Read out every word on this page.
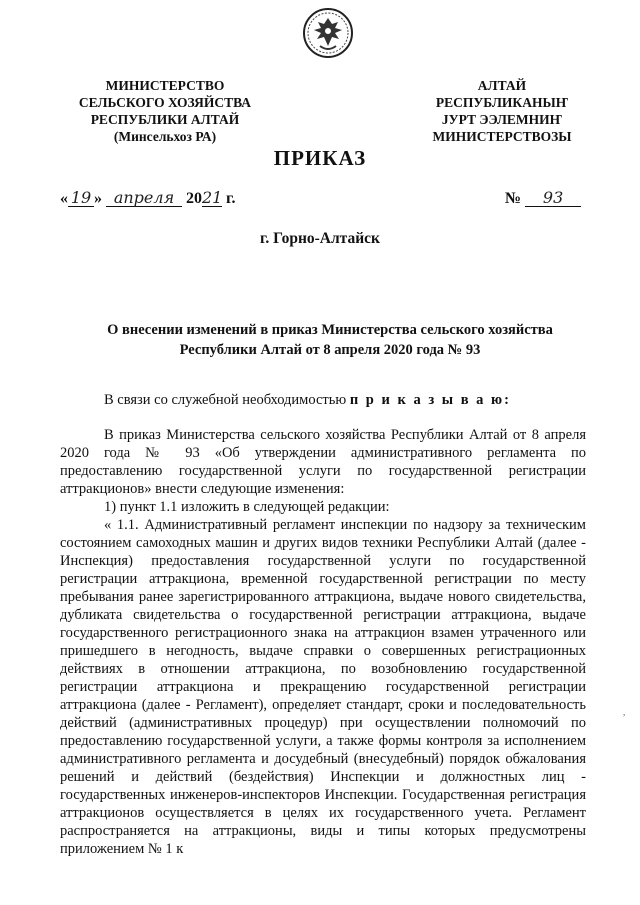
МИНИСТЕРСТВО
СЕЛЬСКОГО ХОЗЯЙСТВА
РЕСПУБЛИКИ АЛТАЙ
(Минсельхоз РА)
АЛТАЙ
РЕСПУБЛИКАНЫҤ
ЈУРТ ЭЭЛЕМНИҤ
МИНИСТЕРСТВОЗЫ
ПРИКАЗ
« 19 » апреля 2021 г.	№ 93
г. Горно-Алтайск
О внесении изменений в приказ Министерства сельского хозяйства
Республики Алтай от 8 апреля 2020 года № 93
В связи со служебной необходимостью п р и к а з ы в а ю:

В приказ Министерства сельского хозяйства Республики Алтай от 8 апреля 2020 года № 93 «Об утверждении административного регламента по предоставлению государственной услуги по государственной регистрации аттракционов» внести следующие изменения:

1) пункт 1.1 изложить в следующей редакции:

« 1.1. Административный регламент инспекции по надзору за техническим состоянием самоходных машин и других видов техники Республики Алтай (далее - Инспекция) предоставления государственной услуги по государственной регистрации аттракциона, временной государственной регистрации по месту пребывания ранее зарегистрированного аттракциона, выдаче нового свидетельства, дубликата свидетельства о государственной регистрации аттракциона, выдаче государственного регистрационного знака на аттракцион взамен утраченного или пришедшего в негодность, выдаче справки о совершенных регистрационных действиях в отношении аттракциона, по возобновлению государственной регистрации аттракциона и прекращению государственной регистрации аттракциона (далее - Регламент), определяет стандарт, сроки и последовательность действий (административных процедур) при осуществлении полномочий по предоставлению государственной услуги, а также формы контроля за исполнением административного регламента и досудебный (внесудебный) порядок обжалования решений и действий (бездействия) Инспекции и должностных лиц - государственных инженеров-инспекторов Инспекции. Государственная регистрация аттракционов осуществляется в целях их государственного учета. Регламент распространяется на аттракционы, виды и типы которых предусмотрены приложением № 1 к

,
